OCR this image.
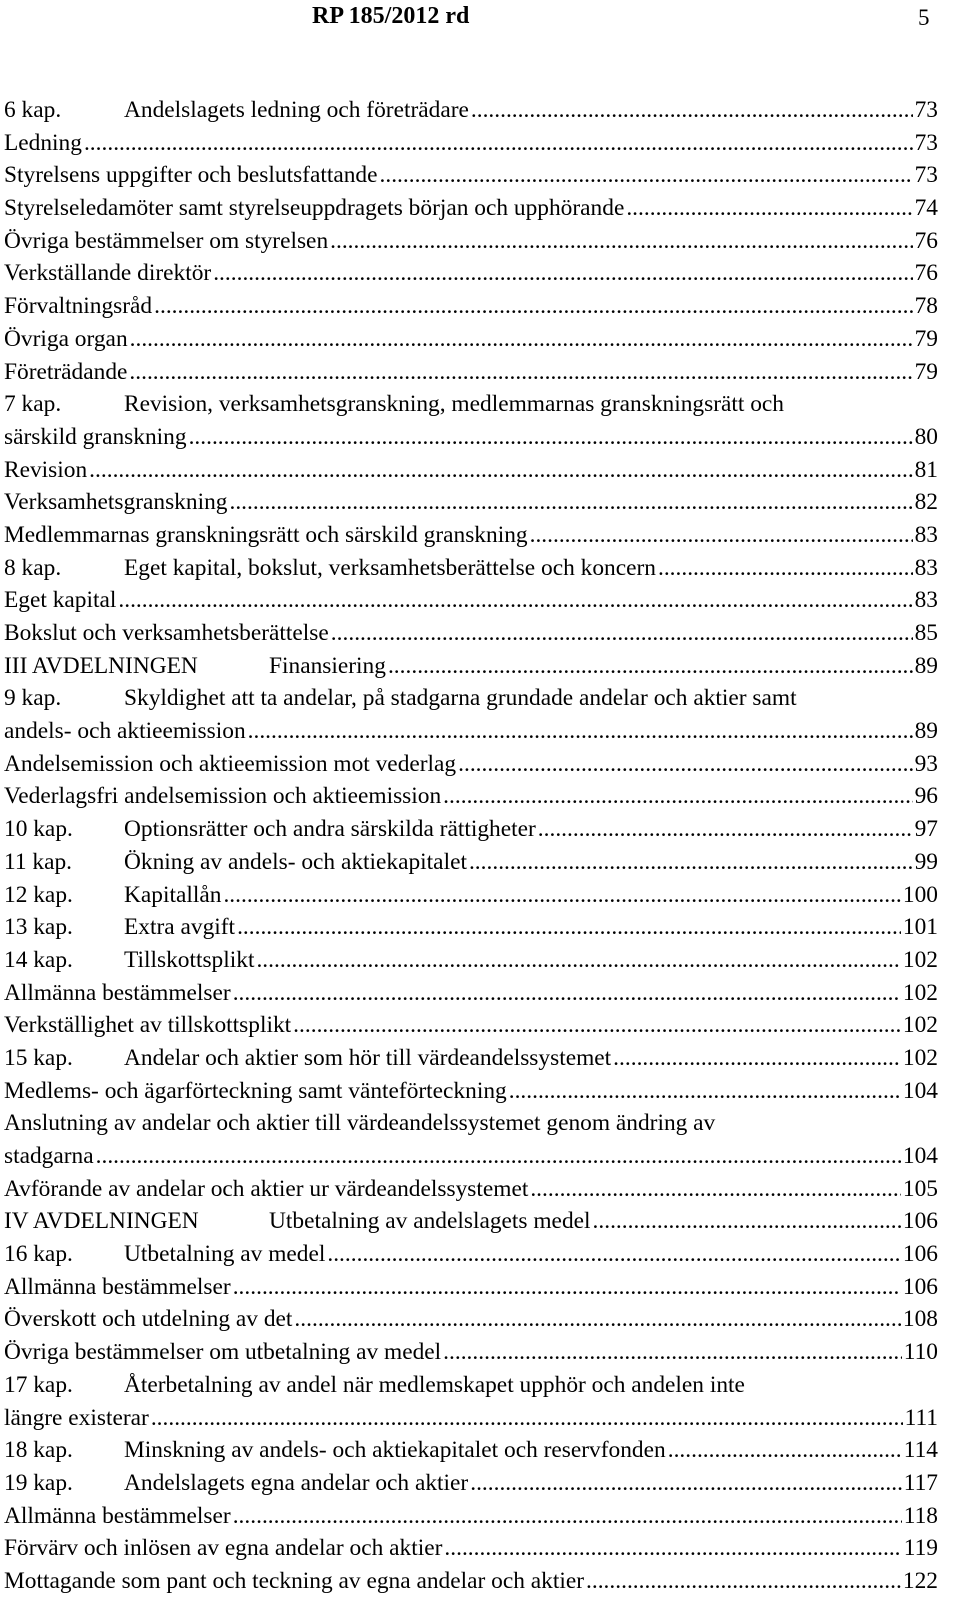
RP 185/2012 rd	5
6 kap.	Andelslagets ledning och företrädare .....	73
Ledning .....	73
Styrelsens uppgifter och beslutsfattande .....	73
Styrelseledamöter samt styrelseuppdragets början och upphörande .....	74
Övriga bestämmelser om styrelsen .....	76
Verkställande direktör .....	76
Förvaltningsråd .....	78
Övriga organ .....	79
Företrädande .....	79
7 kap.	Revision, verksamhetsgranskning, medlemmarnas granskningsrätt och
särskild granskning .....	80
Revision .....	81
Verksamhetsgranskning .....	82
Medlemmarnas granskningsrätt och särskild granskning .....	83
8 kap.	Eget kapital, bokslut, verksamhetsberättelse och koncern .....	83
Eget kapital .....	83
Bokslut och verksamhetsberättelse .....	85
III AVDELNINGEN	Finansiering .....	89
9 kap.	Skyldighet att ta andelar, på stadgarna grundade andelar och aktier samt
andels- och aktieemission .....	89
Andelsemission och aktieemission mot vederlag .....	93
Vederlagsfri andelsemission och aktieemission .....	96
10 kap.	Optionsrätter och andra särskilda rättigheter .....	97
11 kap.	Ökning av andels- och aktiekapitalet .....	99
12 kap.	Kapitallån .....	100
13 kap.	Extra avgift .....	101
14 kap.	Tillskottsplikt .....	102
Allmänna bestämmelser .....	102
Verkställighet av tillskottsplikt .....	102
15 kap.	Andelar och aktier som hör till värdeandelssystemet .....	102
Medlems- och ägarförteckning samt vänteförteckning .....	104
Anslutning av andelar och aktier till värdeandelssystemet genom ändring av
stadgarna .....	104
Avförande av andelar och aktier ur värdeandelssystemet .....	105
IV AVDELNINGEN	Utbetalning av andelslagets medel .....	106
16 kap.	Utbetalning av medel .....	106
Allmänna bestämmelser .....	106
Överskott och utdelning av det .....	108
Övriga bestämmelser om utbetalning av medel .....	110
17 kap.	Återbetalning av andel när medlemskapet upphör och andelen inte
längre existerar .....	111
18 kap.	Minskning av andels- och aktiekapitalet och reservfonden .....	114
19 kap.	Andelslagets egna andelar och aktier .....	117
Allmänna bestämmelser .....	118
Förvärv och inlösen av egna andelar och aktier .....	119
Mottagande som pant och teckning av egna andelar och aktier .....	122
